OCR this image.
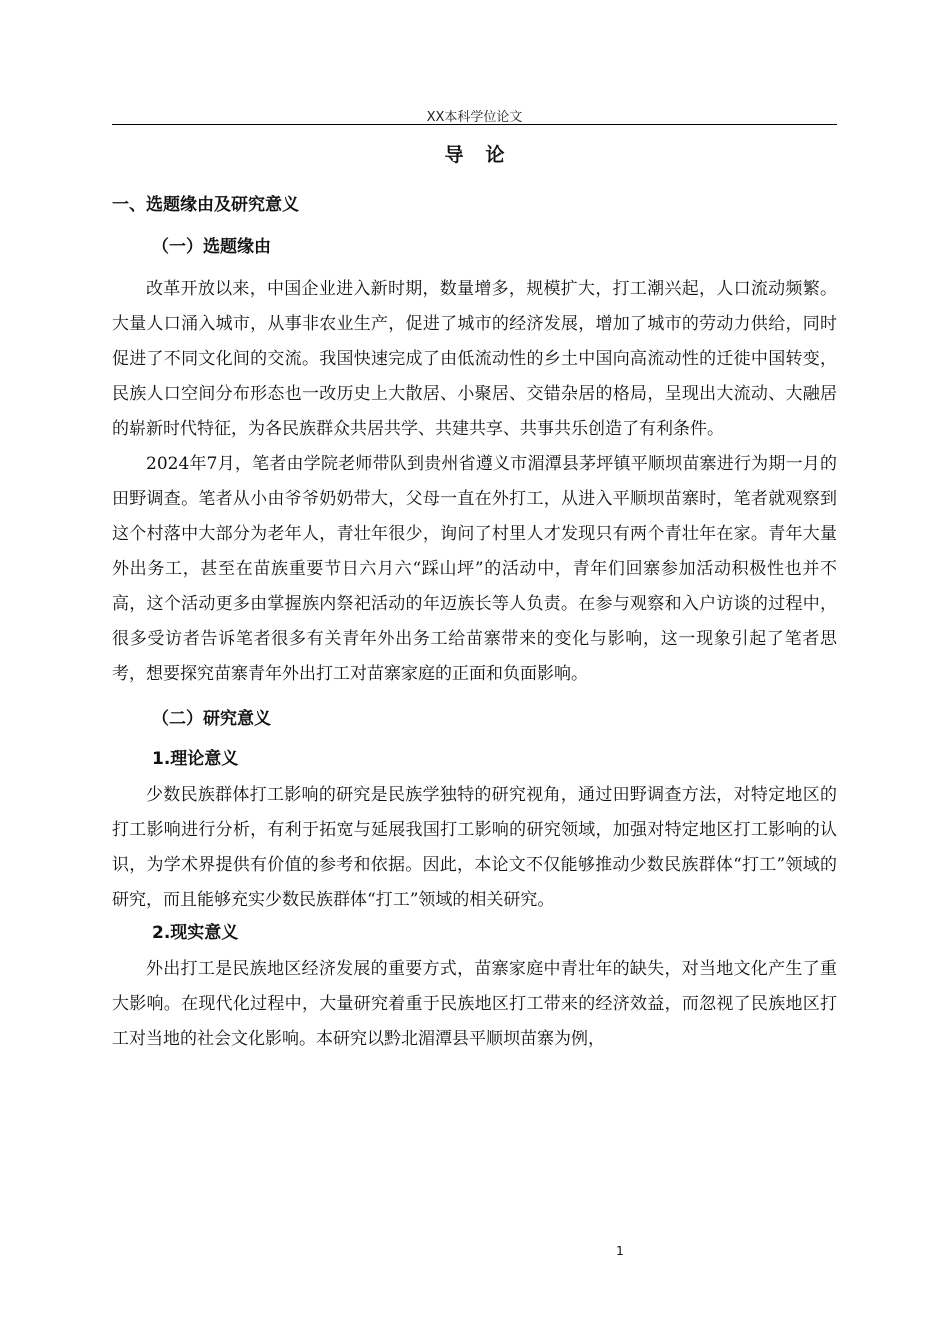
XX本科学位论文
导论
一、选题缘由及研究意义
（一）选题缘由

改革开放以来，中国企业进入新时期，数量增多，规模扩大，打工潮兴起，人口流动频繁。大量人口涌入城市，从事非农业生产，促进了城市的经济发展，增加了城市的劳动力供给，同时促进了不同文化间的交流。我国快速完成了由低流动性的乡土中国向高流动性的迁徙中国转变，民族人口空间分布形态也一改历史上大散居、小聚居、交错杂居的格局，呈现出大流动、大融居的崭新时代特征，为各民族群众共居共学、共建共享、共事共乐创造了有利条件。

2024年7月，笔者由学院老师带队到贵州省遵义市湄潭县茅坪镇平顺坝苗寨进行为期一月的田野调查。笔者从小由爷爷奶奶带大，父母一直在外打工，从进入平顺坝苗寨时，笔者就观察到这个村落中大部分为老年人，青壮年很少，询问了村里人才发现只有两个青壮年在家。青年大量外出务工，甚至在苗族重要节日六月六“踩山坪”的活动中，青年们回寨参加活动积极性也并不高，这个活动更多由掌握族内祭祀活动的年迈族长等人负责。在参与观察和入户访谈的过程中，很多受访者告诉笔者很多有关青年外出务工给苗寨带来的变化与影响，这一现象引起了笔者思考，想要探究苗寨青年外出打工对苗寨家庭的正面和负面影响。

（二）研究意义
1.理论意义

少数民族群体打工影响的研究是民族学独特的研究视角，通过田野调查方法，对特定地区的打工影响进行分析，有利于拓宽与延展我国打工影响的研究领域，加强对特定地区打工影响的认识，为学术界提供有价值的参考和依据。因此，本论文不仅能够推动少数民族群体“打工”领域的研究，而且能够充实少数民族群体“打工”领域的相关研究。

2.现实意义

外出打工是民族地区经济发展的重要方式，苗寨家庭中青壮年的缺失，对当地文化产生了重大影响。在现代化过程中，大量研究着重于民族地区打工带来的经济效益，而忽视了民族地区打工对当地的社会文化影响。本研究以黔北湄潭县平顺坝苗寨为例，

1
